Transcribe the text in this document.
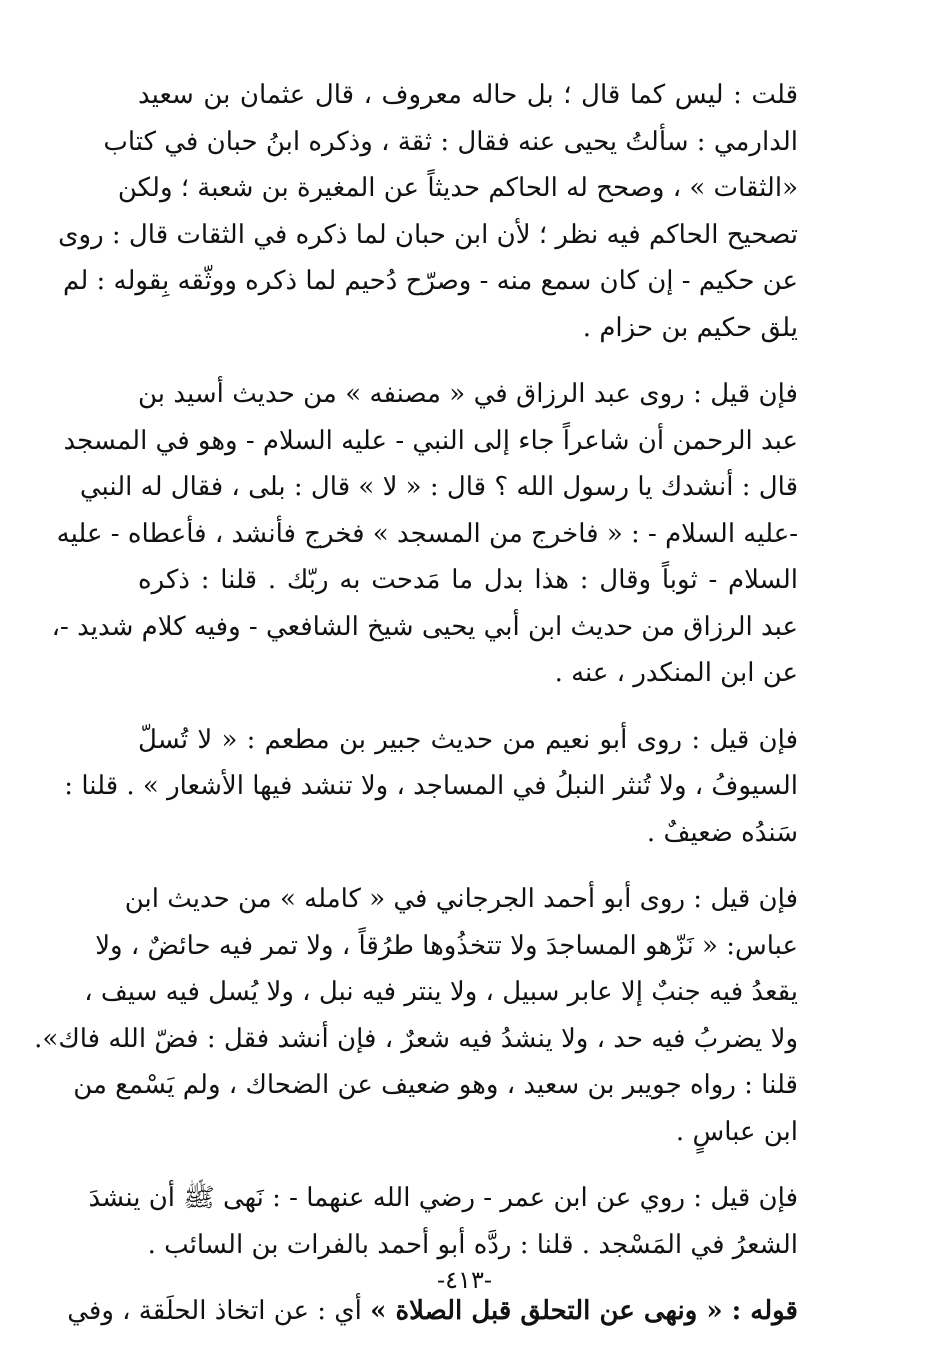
قلت : ليس كما قال ؛ بل حاله معروف ، قال عثمان بن سعيد
الدارمي : سألتُ يحيى عنه فقال : ثقة ، وذكره ابنُ حبان في كتاب
«الثقات » ، وصحح له الحاكم حديثاً عن المغيرة بن شعبة ؛ ولكن
تصحيح الحاكم فيه نظر ؛ لأن ابن حبان لما ذكره في الثقات قال : روى
عن حكيم - إن كان سمع منه - وصرّح دُحيم لما ذكره ووثّقه بِقوله : لم
يلق حكيم بن حزام .
فإن قيل : روى عبد الرزاق في « مصنفه » من حديث أسيد بن
عبد الرحمن أن شاعراً جاء إلى النبي - عليه السلام - وهو في المسجد
قال : أنشدك يا رسول الله ؟ قال : « لا » قال : بلى ، فقال له النبي
-عليه السلام - : « فاخرج من المسجد » فخرج فأنشد ، فأعطاه - عليه
السلام - ثوباً وقال : هذا بدل ما مَدحت به ربّك . قلنا : ذكره
عبد الرزاق من حديث ابن أبي يحيى شيخ الشافعي - وفيه كلام شديد -،
عن ابن المنكدر ، عنه .
فإن قيل : روى أبو نعيم من حديث جبير بن مطعم : « لا تُسلّ
السيوفُ ، ولا تُنثر النبلُ في المساجد ، ولا تنشد فيها الأشعار » . قلنا :
سَندُه ضعيفٌ .
فإن قيل : روى أبو أحمد الجرجاني في « كامله » من حديث ابن
عباس: « نَزّهو المساجدَ ولا تتخذُوها طرُقاً ، ولا تمر فيه حائضٌ ، ولا
يقعدُ فيه جنبٌ إلا عابر سبيل ، ولا ينتر فيه نبل ، ولا يُسل فيه سيف ،
ولا يضربُ فيه حد ، ولا ينشدُ فيه شعرٌ ، فإن أنشد فقل : فضّ الله فاك».
قلنا : رواه جويبر بن سعيد ، وهو ضعيف عن الضحاك ، ولم يَسْمع من
ابن عباسٍ .
فإن قيل : روي عن ابن عمر - رضي الله عنهما - : نَهى ﷺ أن ينشدَ
الشعرُ في المَسْجد . قلنا : ردَّه أبو أحمد بالفرات بن السائب .
قوله : « ونهى عن التحلق قبل الصلاة » أي : عن اتخاذ الحلَقة ، وفي
-٤١٣-
